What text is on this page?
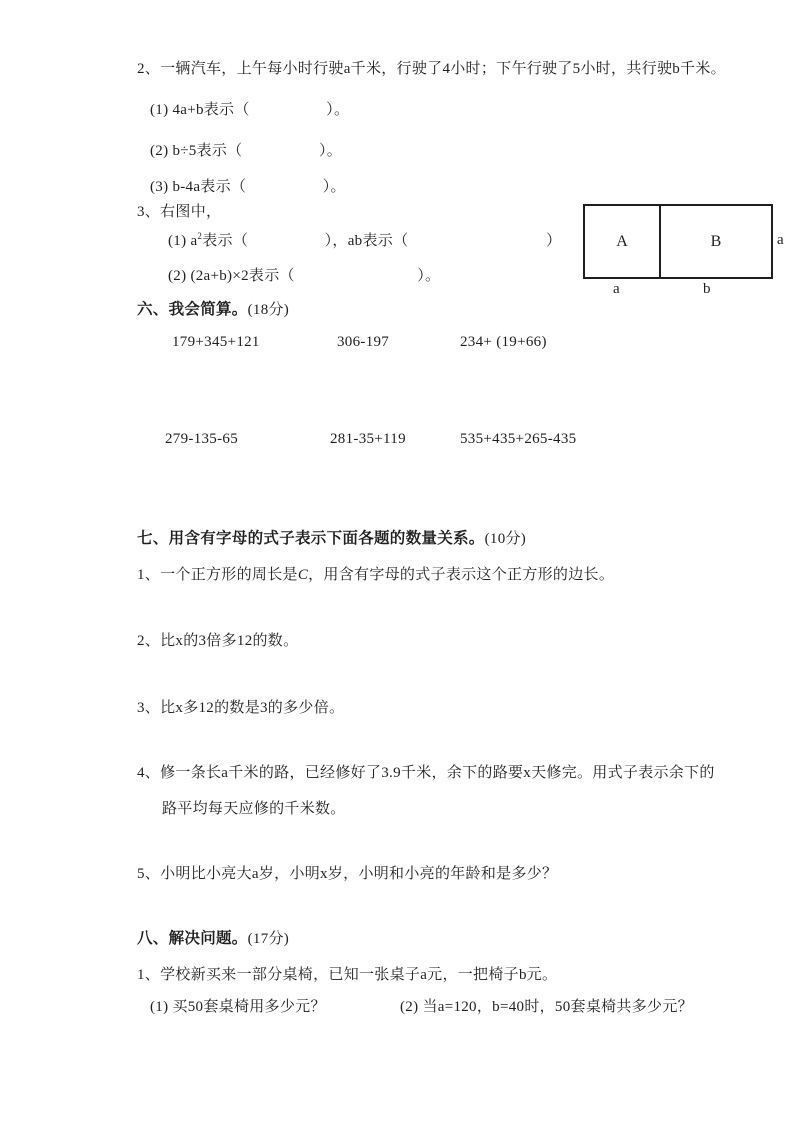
2、一辆汽车，上午每小时行驶a千米，行驶了4小时；下午行驶了5小时，共行驶b千米。
(1) 4a+b表示（　　　　　）。
(2) b÷5表示（　　　　　）。
(3) b-4a表示（　　　　　）。
3、右图中，
(1) $a^2$表示（　　　　　），ab表示（　　　　　　　　　）
(2) (2a+b)×2表示（　　　　　　　　）。
A	B	a
a	b
六、我会简算。(18分)
179+345+121	306-197	234+ (19+66)
279-135-65	281-35+119	535+435+265-435
七、用含有字母的式子表示下面各题的数量关系。(10分)
1、一个正方形的周长是C，用含有字母的式子表示这个正方形的边长。
2、比x的3倍多12的数。
3、比x多12的数是3的多少倍。
4、修一条长a千米的路，已经修好了3.9千米，余下的路要x天修完。用式子表示余下的
路平均每天应修的千米数。
5、小明比小亮大a岁，小明x岁，小明和小亮的年龄和是多少？
八、解决问题。(17分)
1、学校新买来一部分桌椅，已知一张桌子a元，一把椅子b元。
(1) 买50套桌椅用多少元？	(2) 当a=120，b=40时，50套桌椅共多少元？
